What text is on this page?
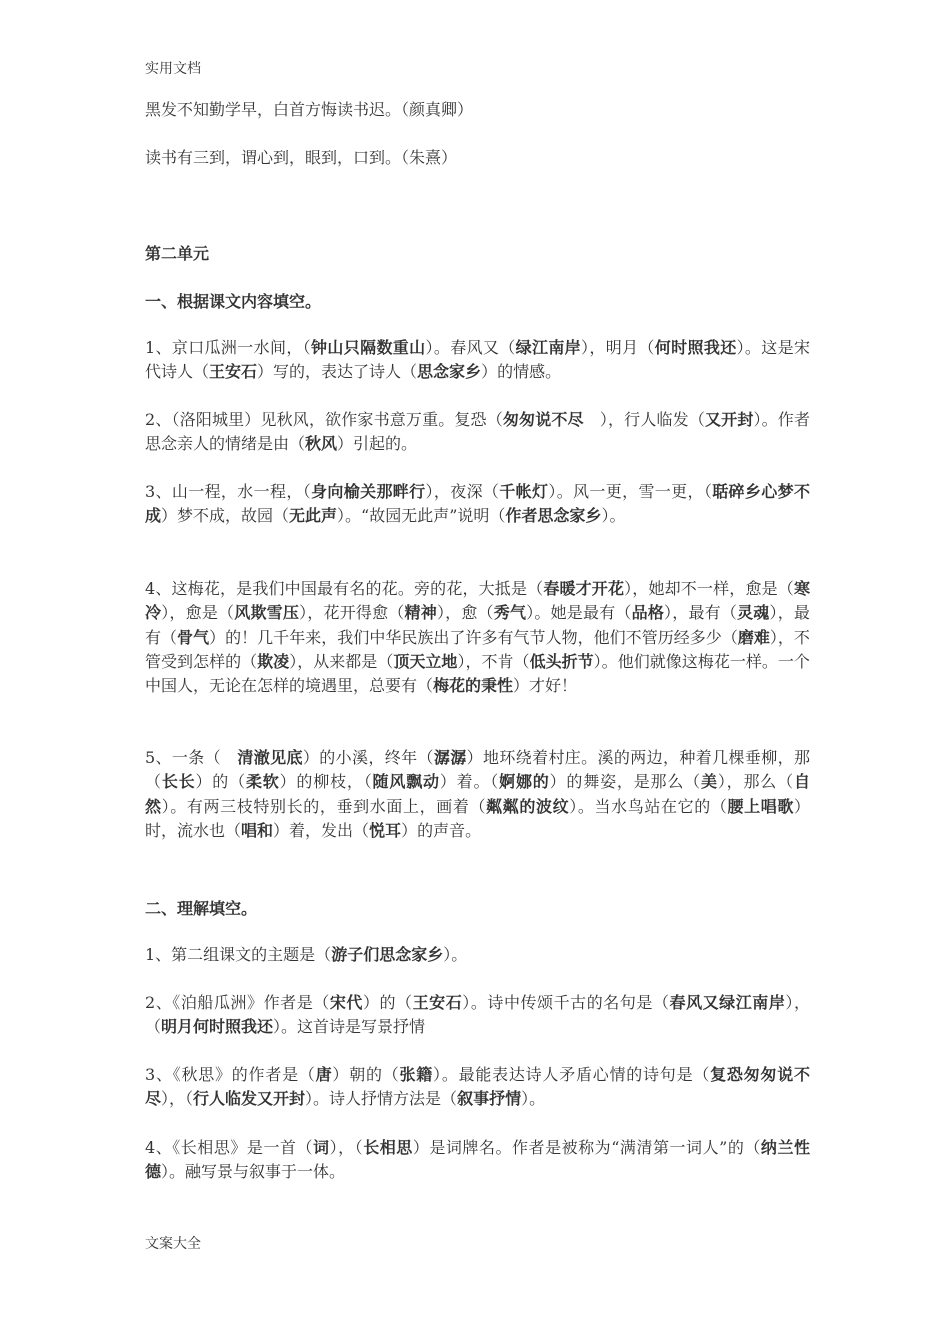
实用文档
黑发不知勤学早，白首方悔读书迟。（颜真卿）
读书有三到，谓心到，眼到，口到。（朱熹）
第二单元
一、根据课文内容填空。
1、京口瓜洲一水间，（钟山只隔数重山）。春风又（绿江南岸），明月（何时照我还）。这是宋代诗人（王安石）写的，表达了诗人（思念家乡）的情感。
2、（洛阳城里）见秋风，欲作家书意万重。复恐（匆匆说不尽　），行人临发（又开封）。作者思念亲人的情绪是由（秋风）引起的。
3、山一程，水一程，（身向榆关那畔行），夜深（千帐灯）。风一更，雪一更，（聒碎乡心梦不成）梦不成，故园（无此声）。“故园无此声”说明（作者思念家乡）。
4、这梅花，是我们中国最有名的花。旁的花，大抵是（春暖才开花），她却不一样，愈是（寒冷），愈是（风欺雪压），花开得愈（精神），愈（秀气）。她是最有（品格），最有（灵魂），最有（骨气）的！几千年来，我们中华民族出了许多有气节人物，他们不管历经多少（磨难），不管受到怎样的（欺凌），从来都是（顶天立地），不肯（低头折节）。他们就像这梅花一样。一个中国人，无论在怎样的境遇里，总要有（梅花的秉性）才好！
5、一条（　清澈见底）的小溪，终年（潺潺）地环绕着村庄。溪的两边，种着几棵垂柳，那（长长）的（柔软）的柳枝，（随风飘动）着。（婀娜的）的舞姿，是那么（美），那么（自然）。有两三枝特别长的，垂到水面上，画着（粼粼的波纹）。当水鸟站在它的（腰上唱歌）时，流水也（唱和）着，发出（悦耳）的声音。
二、理解填空。
1、第二组课文的主题是（游子们思念家乡）。
2、《泊船瓜洲》作者是（宋代）的（王安石）。诗中传颂千古的名句是（春风又绿江南岸），（明月何时照我还）。这首诗是写景抒情
3、《秋思》的作者是（唐）朝的（张籍）。最能表达诗人矛盾心情的诗句是（复恐匆匆说不尽），（行人临发又开封）。诗人抒情方法是（叙事抒情）。
4、《长相思》是一首（词），（长相思）是词牌名。作者是被称为“满清第一词人”的（纳兰性德）。融写景与叙事于一体。
文案大全
